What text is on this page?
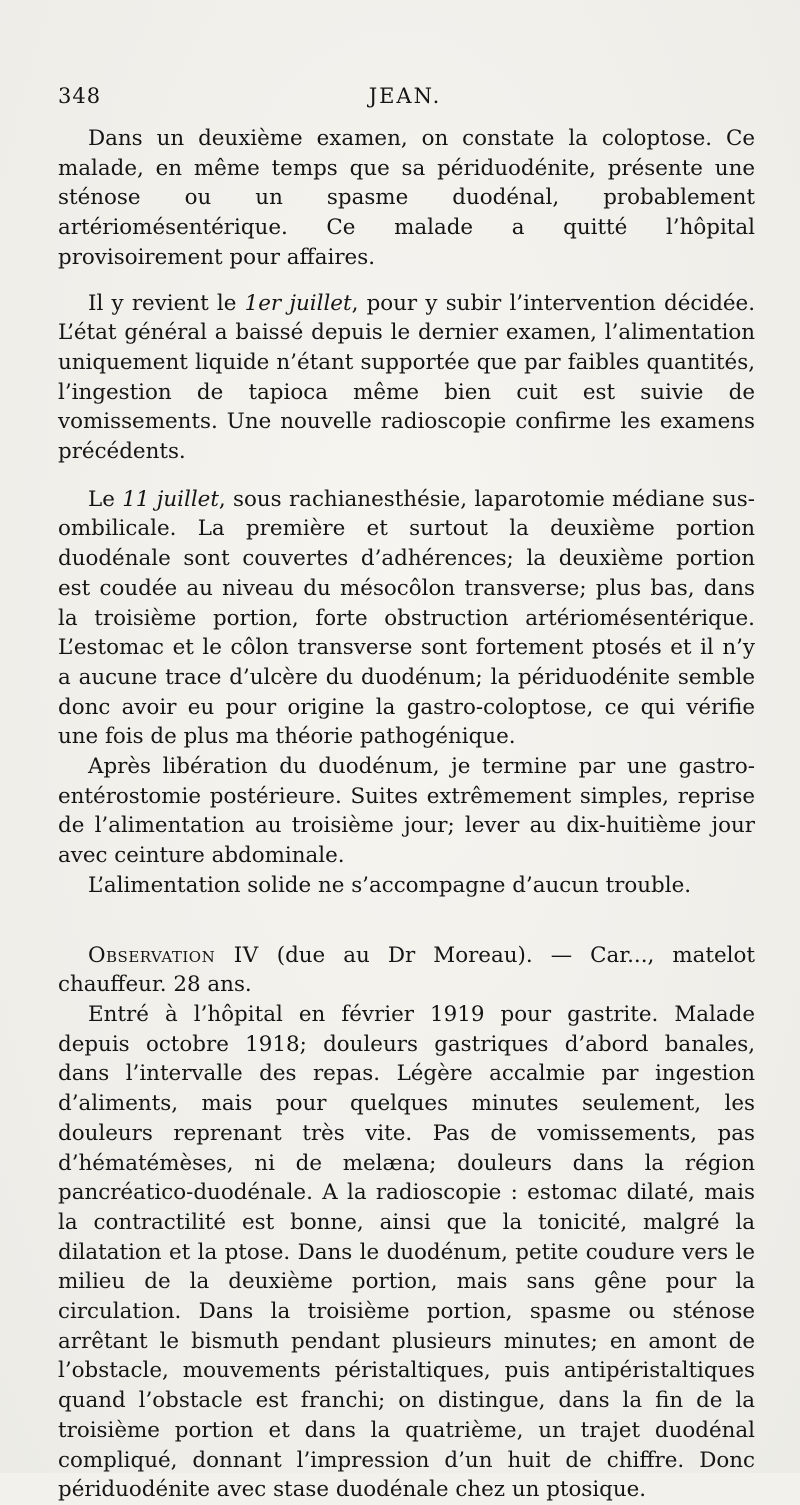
348	JEAN.

Dans un deuxième examen, on constate la coloptose. Ce malade, en même temps que sa périduodénite, présente une sténose ou un spasme duodénal, probablement artériomésentérique. Ce malade a quitté l’hôpital provisoirement pour affaires.

Il y revient le 1er juillet, pour y subir l’intervention décidée. L’état général a baissé depuis le dernier examen, l’alimentation uniquement liquide n’étant supportée que par faibles quantités, l’ingestion de tapioca même bien cuit est suivie de vomissements. Une nouvelle radioscopie confirme les examens précédents.

Le 11 juillet, sous rachianesthésie, laparotomie médiane sus-ombilicale. La première et surtout la deuxième portion duodénale sont couvertes d’adhérences; la deuxième portion est coudée au niveau du mésocôlon transverse; plus bas, dans la troisième portion, forte obstruction artériomésentérique. L’estomac et le côlon transverse sont fortement ptosés et il n’y a aucune trace d’ulcère du duodénum; la périduodénite semble donc avoir eu pour origine la gastro-coloptose, ce qui vérifie une fois de plus ma théorie pathogénique.

Après libération du duodénum, je termine par une gastro-entérostomie postérieure. Suites extrêmement simples, reprise de l’alimentation au troisième jour; lever au dix-huitième jour avec ceinture abdominale.

L’alimentation solide ne s’accompagne d’aucun trouble.

Observation IV (due au Dr Moreau). — Car..., matelot chauffeur. 28 ans.

Entré à l’hôpital en février 1919 pour gastrite. Malade depuis octobre 1918; douleurs gastriques d’abord banales, dans l’intervalle des repas. Légère accalmie par ingestion d’aliments, mais pour quelques minutes seulement, les douleurs reprenant très vite. Pas de vomissements, pas d’hématémèses, ni de melæna; douleurs dans la région pancréatico-duodénale. A la radioscopie : estomac dilaté, mais la contractilité est bonne, ainsi que la tonicité, malgré la dilatation et la ptose. Dans le duodénum, petite coudure vers le milieu de la deuxième portion, mais sans gêne pour la circulation. Dans la troisième portion, spasme ou sténose arrêtant le bismuth pendant plusieurs minutes; en amont de l’obstacle, mouvements péristaltiques, puis antipéristaltiques quand l’obstacle est franchi; on distingue, dans la fin de la troisième portion et dans la quatrième, un trajet duodénal compliqué, donnant l’impression d’un huit de chiffre. Donc périduodénite avec stase duodénale chez un ptosique.
